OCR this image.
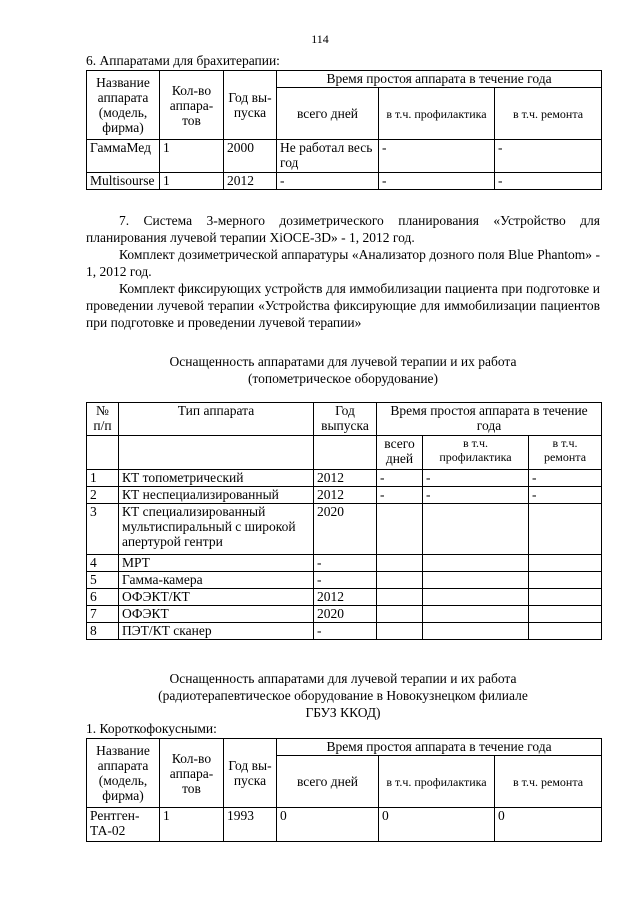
114
6. Аппаратами для брахитерапии:
Название аппарата (модель, фирма)	Кол-во аппара-тов	Год вы-пуска	Время простоя аппарата в течение года		
			всего дней	в т.ч. профилактика	в т.ч. ремонта
ГаммаМед	1	2000	Не работал весь год	-	-
Multisourse	1	2012	-	-	-

7. Система 3-мерного дозиметрического планирования «Устройство для планирования лучевой терапии XiOCE-3D» - 1, 2012 год.

Комплект дозиметрической аппаратуры «Анализатор дозного поля Blue Phantom» - 1, 2012 год.

Комплект фиксирующих устройств для иммобилизации пациента при подготовке и проведении лучевой терапии «Устройства фиксирующие для иммобилизации пациентов при подготовке и проведении лучевой терапии»

Оснащенность аппаратами для лучевой терапии и их работа
(топометрическое оборудование)
№ п/п	Тип аппарата	Год выпуска	Время простоя аппарата в течение года		
			всего дней	в т.ч. профилактика	в т.ч. ремонта
1	КТ топометрический	2012	-	-	-
2	КТ неспециализированный	2012	-	-	-
3	КТ специализированный мультиспиральный с широкой апертурой гентри	2020			
4	МРТ	-			
5	Гамма-камера	-			
6	ОФЭКТ/КТ	2012			
7	ОФЭКТ	2020			
8	ПЭТ/КТ сканер	-			
Оснащенность аппаратами для лучевой терапии и их работа
(радиотерапевтическое оборудование в Новокузнецком филиале
ГБУЗ ККОД)
1. Короткофокусными:
Название аппарата (модель, фирма)	Кол-во аппара-тов	Год вы-пуска	Время простоя аппарата в течение года		
			всего дней	в т.ч. профилактика	в т.ч. ремонта
Рентген-ТА-02	1	1993	0	0	0
